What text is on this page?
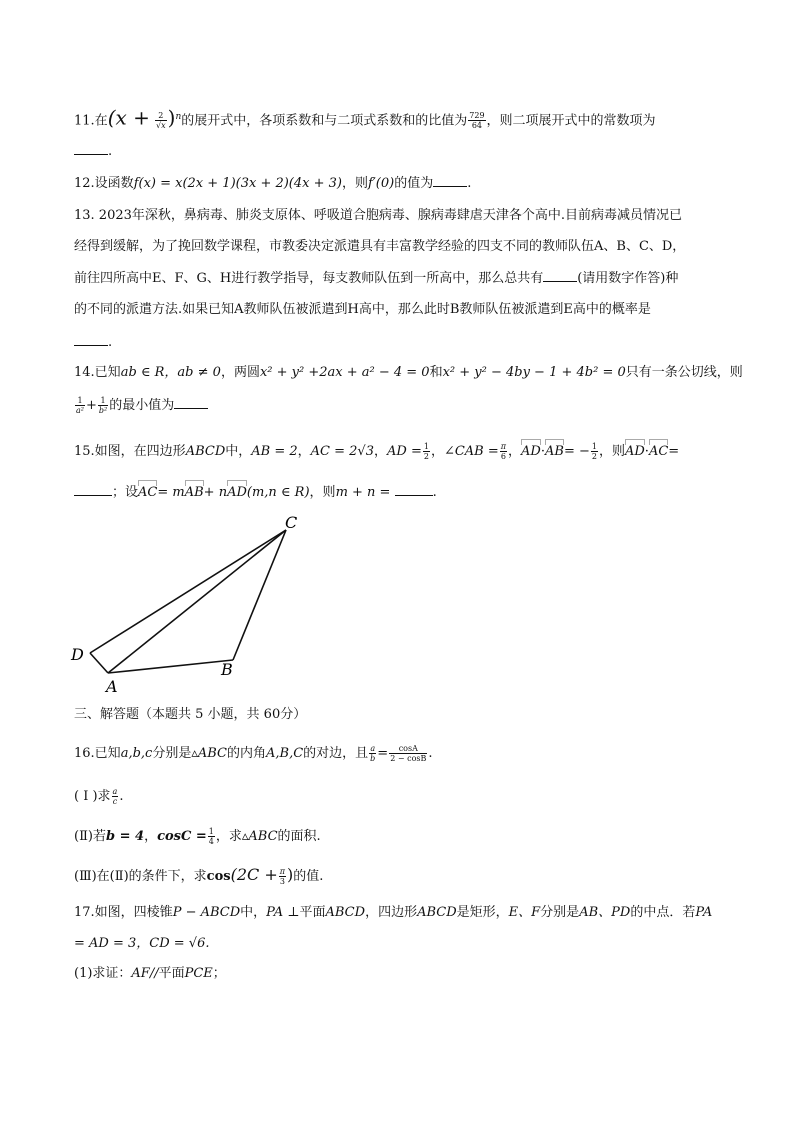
11.在$(x + \frac{2}{√x} )^n$的展开式中，各项系数和与二项式系数和的比值为 $\frac{729}{64}$ ，则二项展开式中的常数项为
.
12.设函数f(x) = x(2x + 1)(3x + 2)(4x + 3)，则f′(0)的值为	.
13. 2023年深秋，鼻病毒、肺炎支原体、呼吸道合胞病毒、腺病毒肆虐天津各个高中.目前病毒减员情况已
经得到缓解，为了挽回数学课程，市教委决定派遣具有丰富教学经验的四支不同的教师队伍A、B、C、D，
前往四所高中E、F、G、H进行教学指导，每支教师队伍到一所高中，那么总共有	(请用数字作答)种
的不同的派遣方法.如果已知A教师队伍被派遣到H高中，那么此时B教师队伍被派遣到E高中的概率是
.
14.已知ab ∈ R，ab ≠ 0，两圆x² + y² +2ax + a² − 4 = 0和x² + y² − 4by − 1 + 4b² = 0只有一条公切线，则
$\frac{1}{\text{a²}} + \frac{1}{\text{b²}}$ 的最小值为
15.如图，在四边形ABCD中，AB = 2，AC = 2√3，AD = $\frac{1}{2}$ ，∠CAB = $\frac{\pi}{6}$ ，$AD\cdot AB= - \frac{1}{2}$ ，则AD·AC=
；设AC= mAB+ nAD(m,n ∈ R)，则m + n =	.
C
D
A
B
三、解答题（本题共 5 小题，共 60分）
16.已知a,b,c分别是▵ABC的内角A,B,C的对边，且 $\frac{a}{b} = \frac{\cos A}{2 - \cos B}$ .
( I )求 $\frac{a}{c}$ .
(Ⅱ)若b = 4，$\cos C = \frac{1}{4}$ ，求▵ABC的面积.
(Ⅲ)在(Ⅱ)的条件下，求$\cos(2C + \frac{\pi}{3}$ )的值.
17.如图，四棱锥P − ABCD中，PA ⊥平面ABCD，四边形ABCD是矩形，E、F分别是AB、PD的中点．若PA
= AD = 3，CD = √6.
(1)求证：AF//平面PCE；
